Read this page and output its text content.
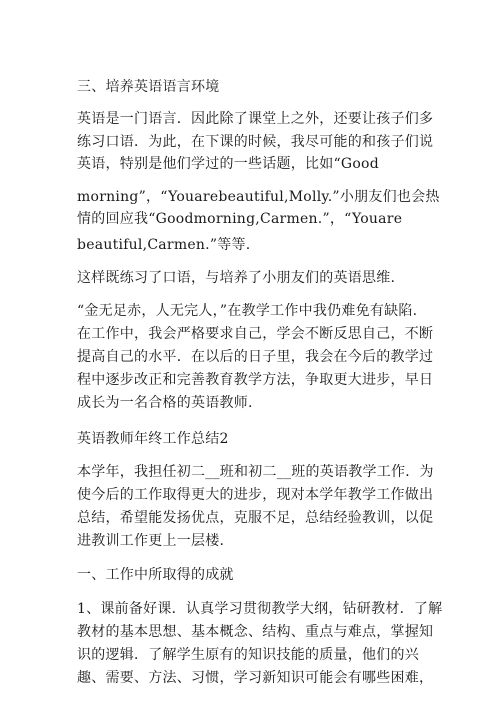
三、培养英语语言环境
英语是一门语言．因此除了课堂上之外，还要让孩子们多
练习口语．为此，在下课的时候，我尽可能的和孩子们说
英语，特别是他们学过的一些话题，比如“Good
morning”，“Youarebeautiful,Molly.”小朋友们也会热
情的回应我“Goodmorning,Carmen.”，“Youare
beautiful,Carmen.”等等.
这样既练习了口语，与培养了小朋友们的英语思维.
“金无足赤，人无完人，”在教学工作中我仍难免有缺陷.
在工作中，我会严格要求自己，学会不断反思自己，不断
提高自己的水平．在以后的日子里，我会在今后的教学过
程中逐步改正和完善教育教学方法，争取更大进步，早日
成长为一名合格的英语教师.
英语教师年终工作总结2
本学年，我担任初二__班和初二__班的英语教学工作．为
使今后的工作取得更大的进步，现对本学年教学工作做出
总结，希望能发扬优点，克服不足，总结经验教训，以促
进教训工作更上一层楼.
一、工作中所取得的成就
1、课前备好课．认真学习贯彻教学大纲，钻研教材．了解
教材的基本思想、基本概念、结构、重点与难点，掌握知
识的逻辑．了解学生原有的知识技能的质量，他们的兴
趣、需要、方法、习惯，学习新知识可能会有哪些困难，
